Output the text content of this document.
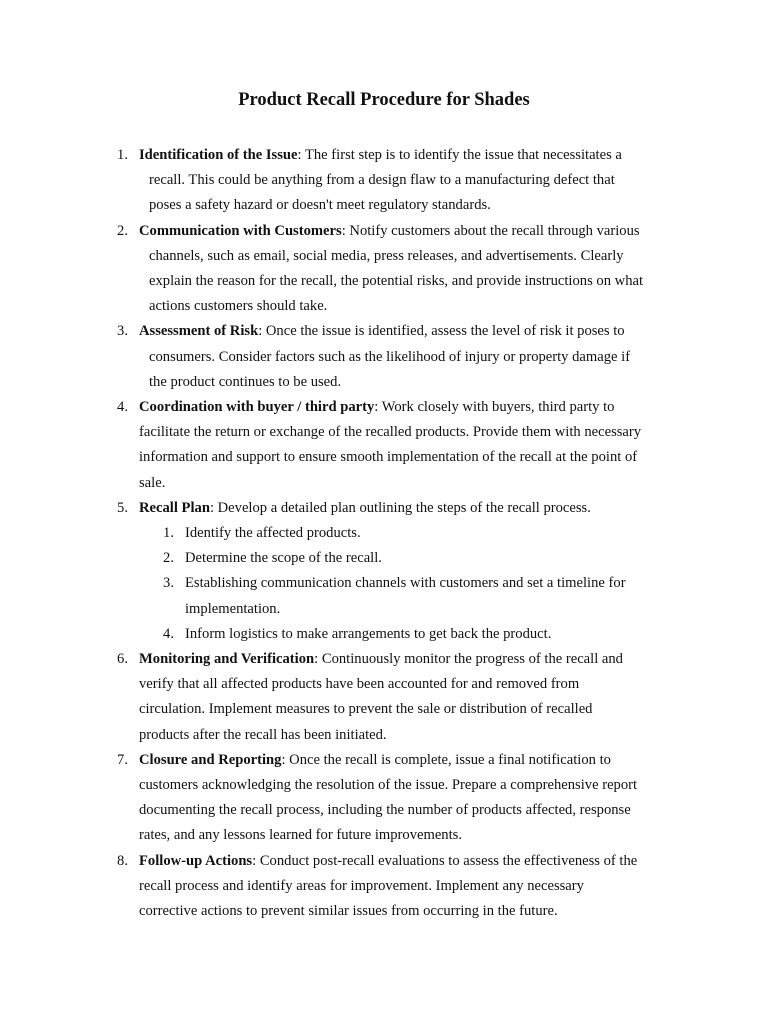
Product Recall Procedure for Shades
1. Identification of the Issue: The first step is to identify the issue that necessitates a
recall. This could be anything from a design flaw to a manufacturing defect that
poses a safety hazard or doesn't meet regulatory standards.
2. Communication with Customers: Notify customers about the recall through various
channels, such as email, social media, press releases, and advertisements. Clearly
explain the reason for the recall, the potential risks, and provide instructions on what
actions customers should take.
3. Assessment of Risk: Once the issue is identified, assess the level of risk it poses to
consumers. Consider factors such as the likelihood of injury or property damage if
the product continues to be used.
4. Coordination with buyer / third party: Work closely with buyers, third party to
facilitate the return or exchange of the recalled products. Provide them with necessary
information and support to ensure smooth implementation of the recall at the point of
sale.
5. Recall Plan: Develop a detailed plan outlining the steps of the recall process.
1. Identify the affected products.
2. Determine the scope of the recall.
3. Establishing communication channels with customers and set a timeline for
implementation.
4. Inform logistics to make arrangements to get back the product.
6. Monitoring and Verification: Continuously monitor the progress of the recall and
verify that all affected products have been accounted for and removed from
circulation. Implement measures to prevent the sale or distribution of recalled
products after the recall has been initiated.
7. Closure and Reporting: Once the recall is complete, issue a final notification to
customers acknowledging the resolution of the issue. Prepare a comprehensive report
documenting the recall process, including the number of products affected, response
rates, and any lessons learned for future improvements.
8. Follow-up Actions: Conduct post-recall evaluations to assess the effectiveness of the
recall process and identify areas for improvement. Implement any necessary
corrective actions to prevent similar issues from occurring in the future.
